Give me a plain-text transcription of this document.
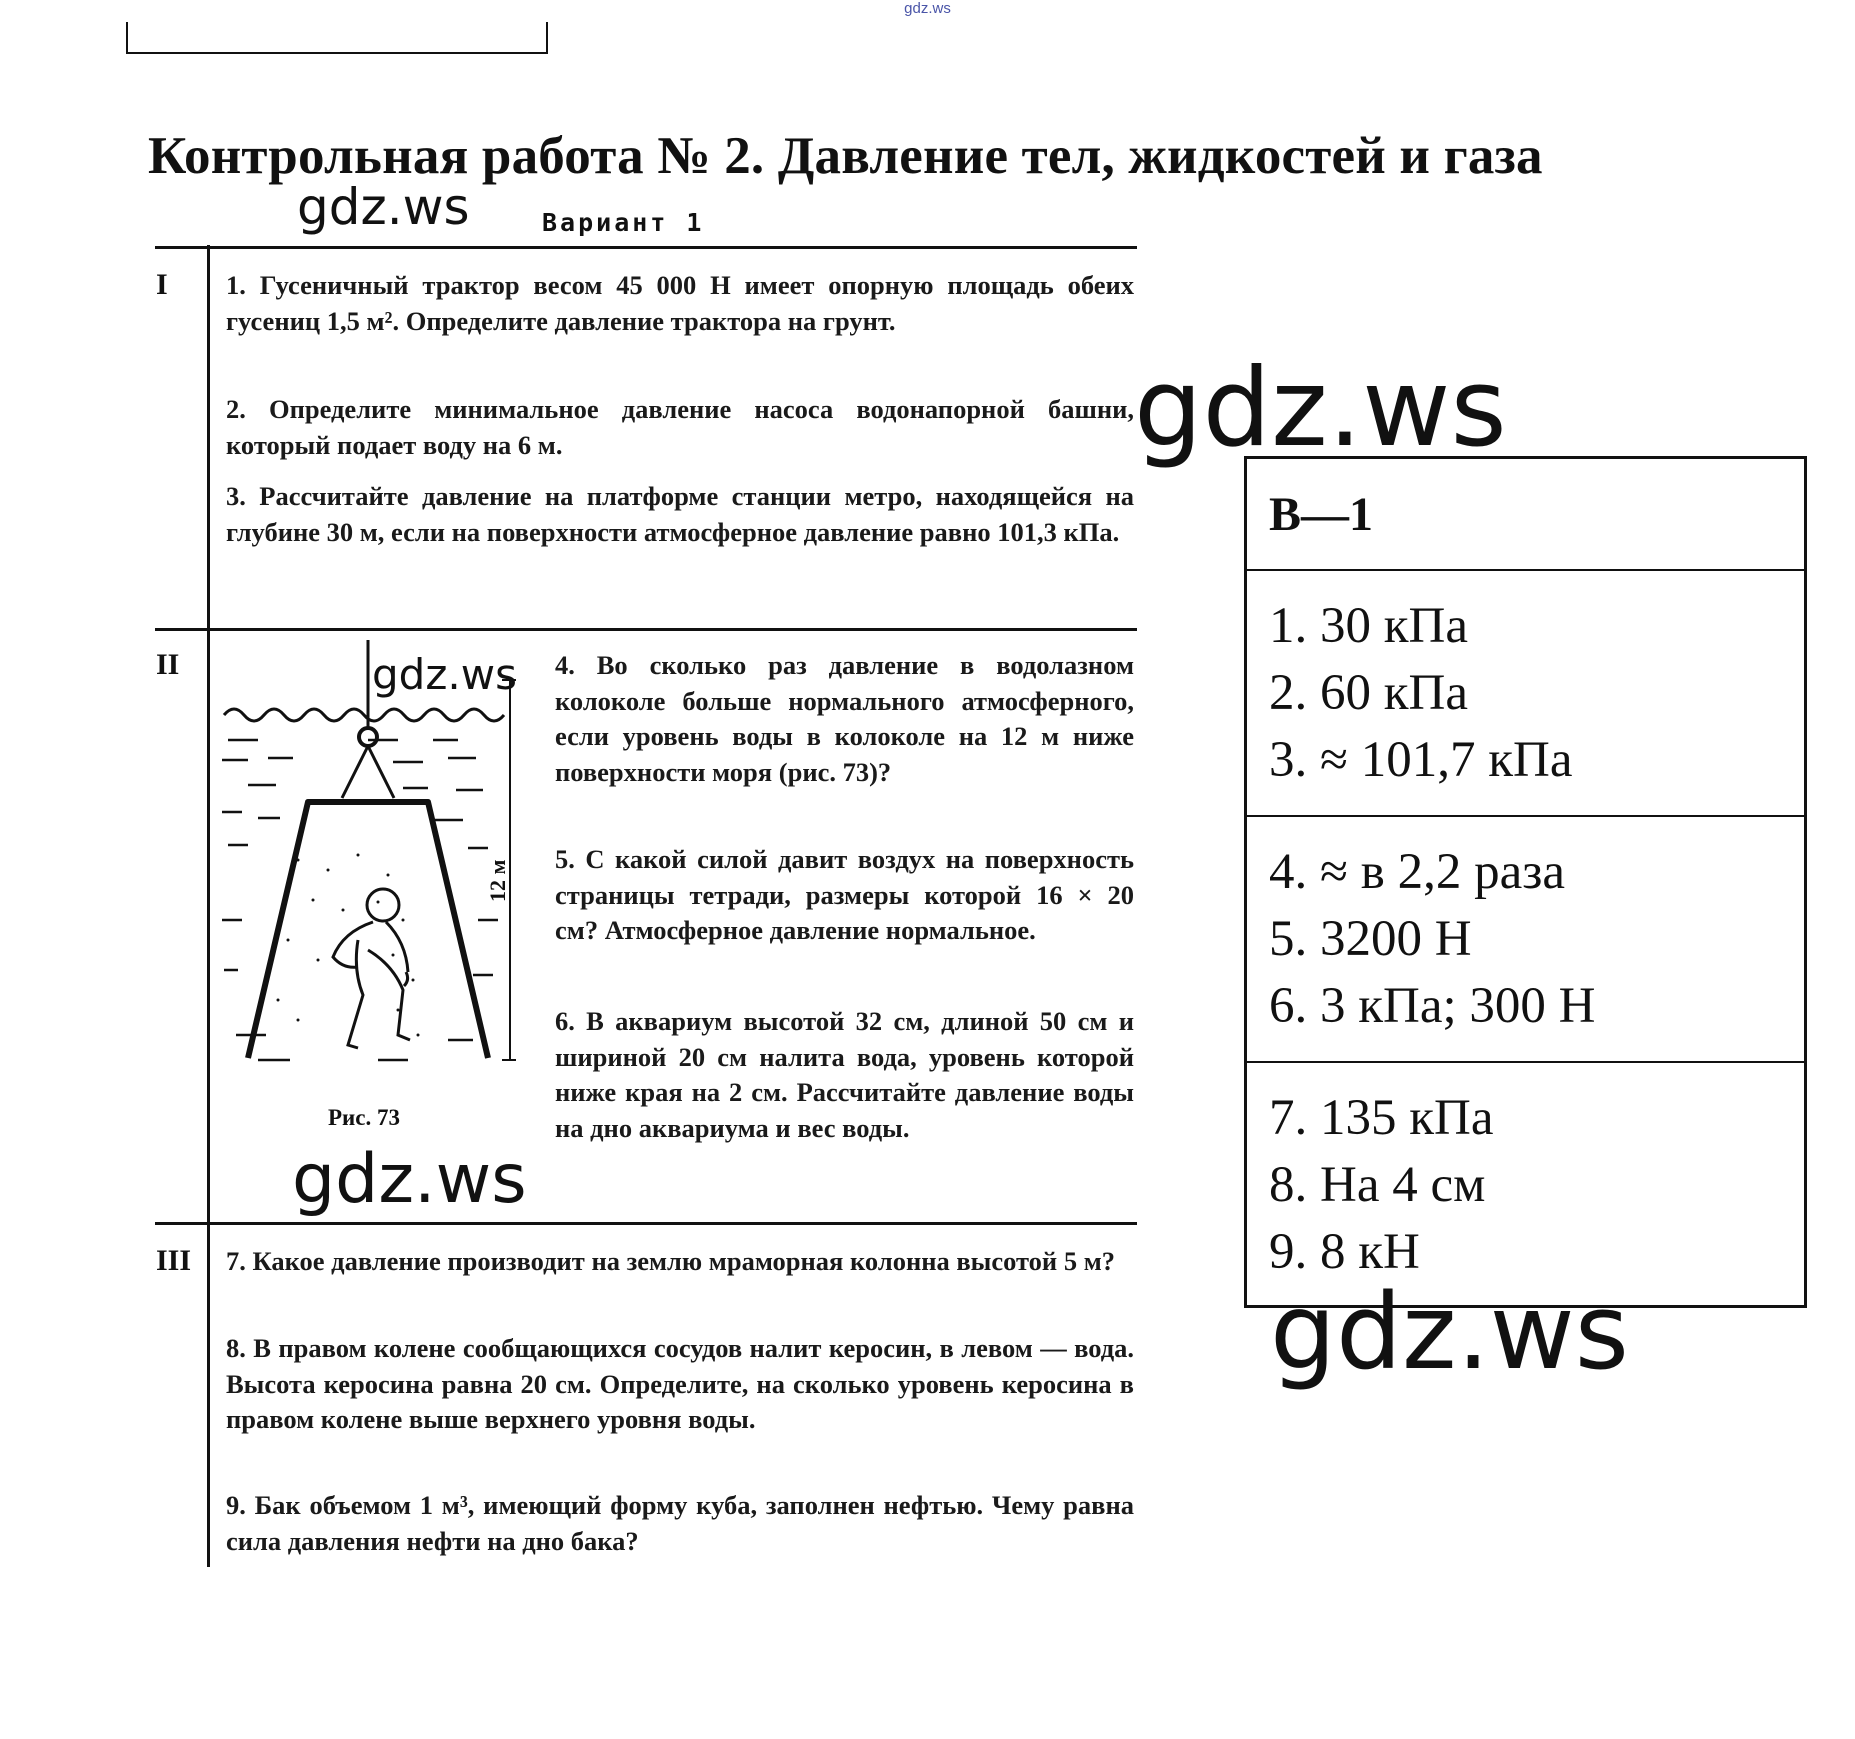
gdz.ws
Контрольная работа № 2. Давление тел, жидкостей и газа
gdz.ws	Вариант 1
I 1. Гусеничный трактор весом 45 000 Н имеет опорную площадь обеих гусениц 1,5 м². Определите давление трактора на грунт.
2. Определите минимальное давление насоса водонапорной башни, который подает воду на 6 м.
3. Рассчитайте давление на платформе станции метро, находящейся на глубине 30 м, если на поверхности атмосферное давление равно 101,3 кПа.
II
12 м
gdz.ws
Рис. 73
4. Во сколько раз давление в водолазном колоколе больше нормального атмосферного, если уровень воды в колоколе на 12 м ниже поверхности моря (рис. 73)?
5. С какой силой давит воздух на поверхность страницы тетради, размеры которой 16 × 20 см? Атмосферное давление нормальное.
6. В аквариум высотой 32 см, длиной 50 см и шириной 20 см налита вода, уровень которой ниже края на 2 см. Рассчитайте давление воды на дно аквариума и вес воды.
gdz.ws
III 7. Какое давление производит на землю мраморная колонна высотой 5 м?
8. В правом колене сообщающихся сосудов налит керосин, в левом — вода. Высота керосина равна 20 см. Определите, на сколько уровень керосина в правом колене выше верхнего уровня воды.
9. Бак объемом 1 м³, имеющий форму куба, заполнен нефтью. Чему равна сила давления нефти на дно бака?
В—1
1. 30 кПа
2. 60 кПа
3. ≈ 101,7 кПа
4. ≈ в 2,2 раза
5. 3200 Н
6. 3 кПа; 300 Н
7. 135 кПа
8. На 4 см
9. 8 кН
gdz.ws
gdz.ws
